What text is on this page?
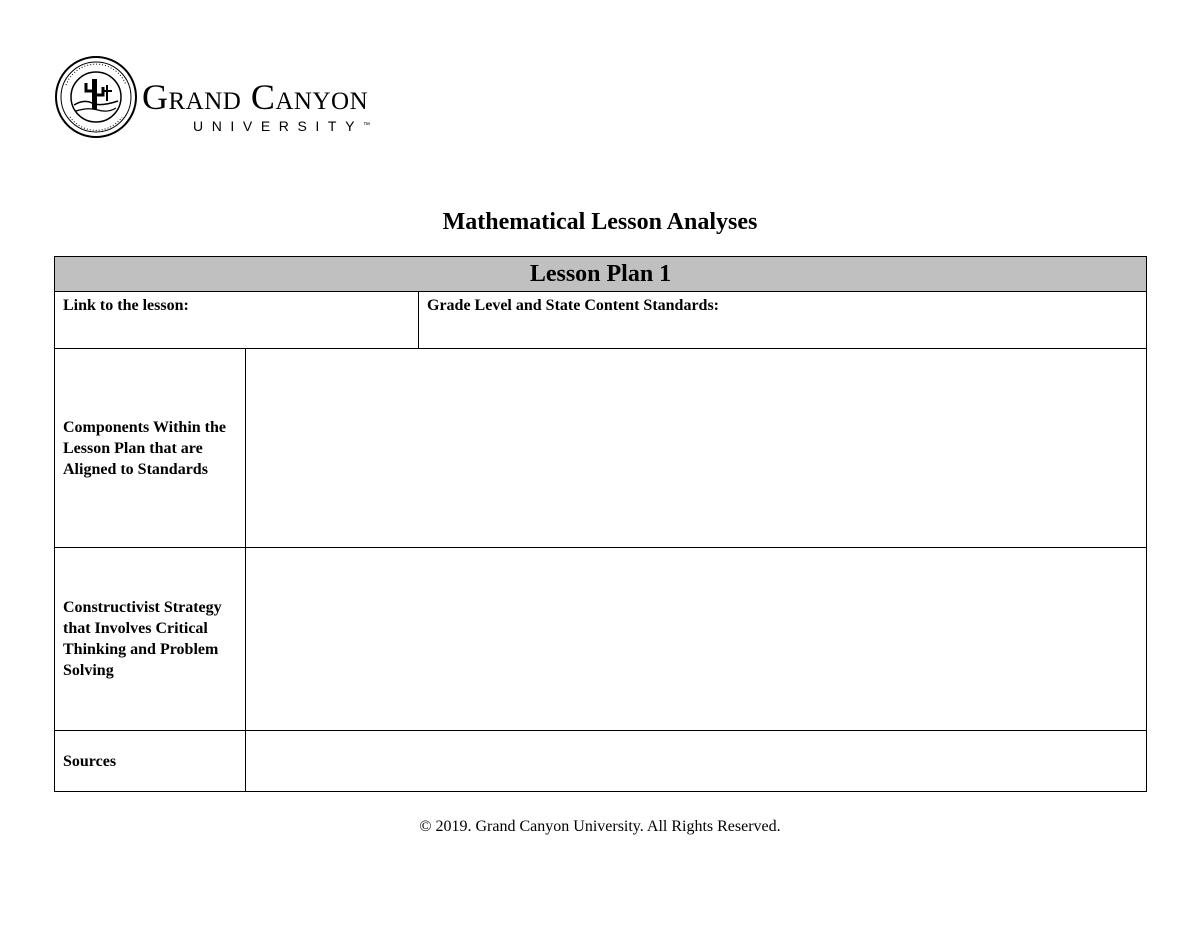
Grand Canyon
UNIVERSITY™
Mathematical Lesson Analyses
Lesson Plan 1		
Link to the lesson:		Grade Level and State Content Standards:
Components Within the Lesson Plan that are Aligned to Standards		
Constructivist Strategy that Involves Critical Thinking and Problem Solving		
Sources		
© 2019. Grand Canyon University. All Rights Reserved.
